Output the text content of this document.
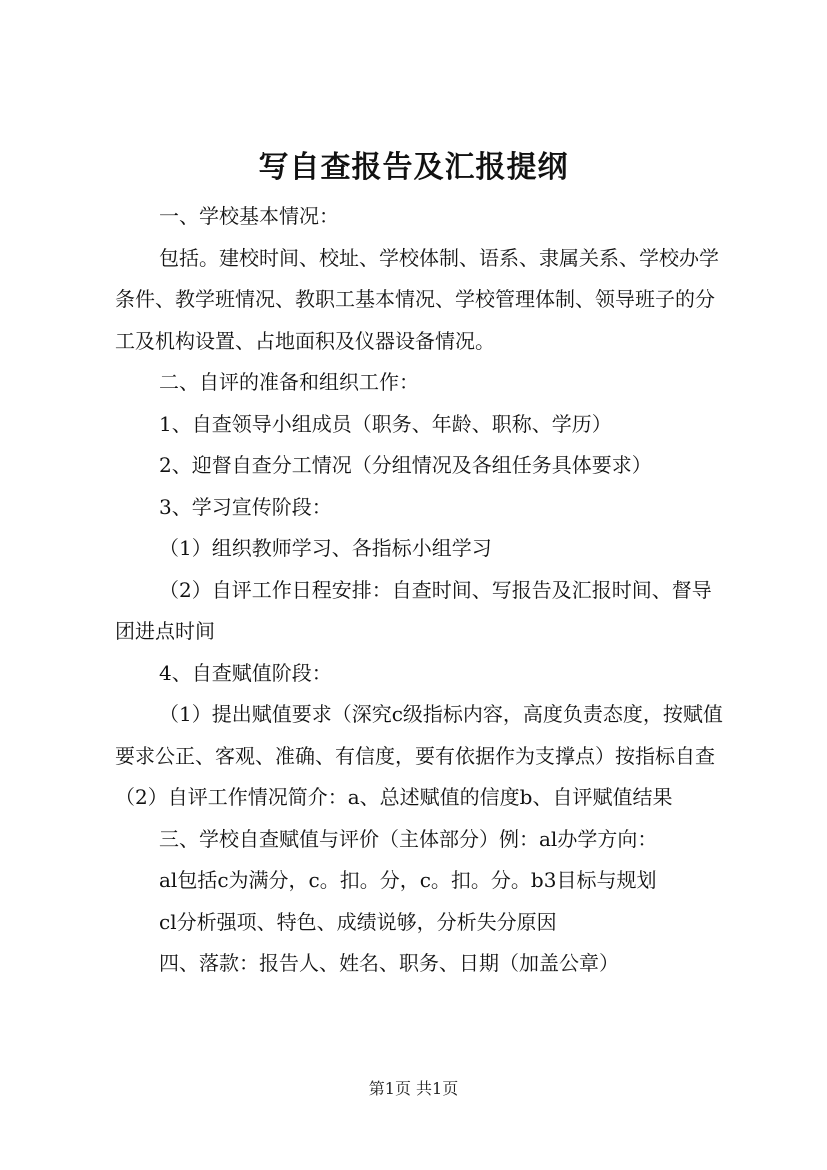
写自查报告及汇报提纲

一、学校基本情况：

包括。建校时间、校址、学校体制、语系、隶属关系、学校办学条件、教学班情况、教职工基本情况、学校管理体制、领导班子的分工及机构设置、占地面积及仪器设备情况。

二、自评的准备和组织工作：

1、自查领导小组成员（职务、年龄、职称、学历）

2、迎督自查分工情况（分组情况及各组任务具体要求）

3、学习宣传阶段：

（1）组织教师学习、各指标小组学习

（2）自评工作日程安排：自查时间、写报告及汇报时间、督导团进点时间

4、自查赋值阶段：

（1）提出赋值要求（深究c级指标内容，高度负责态度，按赋值要求公正、客观、准确、有信度，要有依据作为支撑点）按指标自查（2）自评工作情况简介：a、总述赋值的信度b、自评赋值结果

三、学校自查赋值与评价（主体部分）例：al办学方向：

al包括c为满分，c。扣。分，c。扣。分。b3目标与规划

cl分析强项、特色、成绩说够，分析失分原因

四、落款：报告人、姓名、职务、日期（加盖公章）

第1页 共1页
